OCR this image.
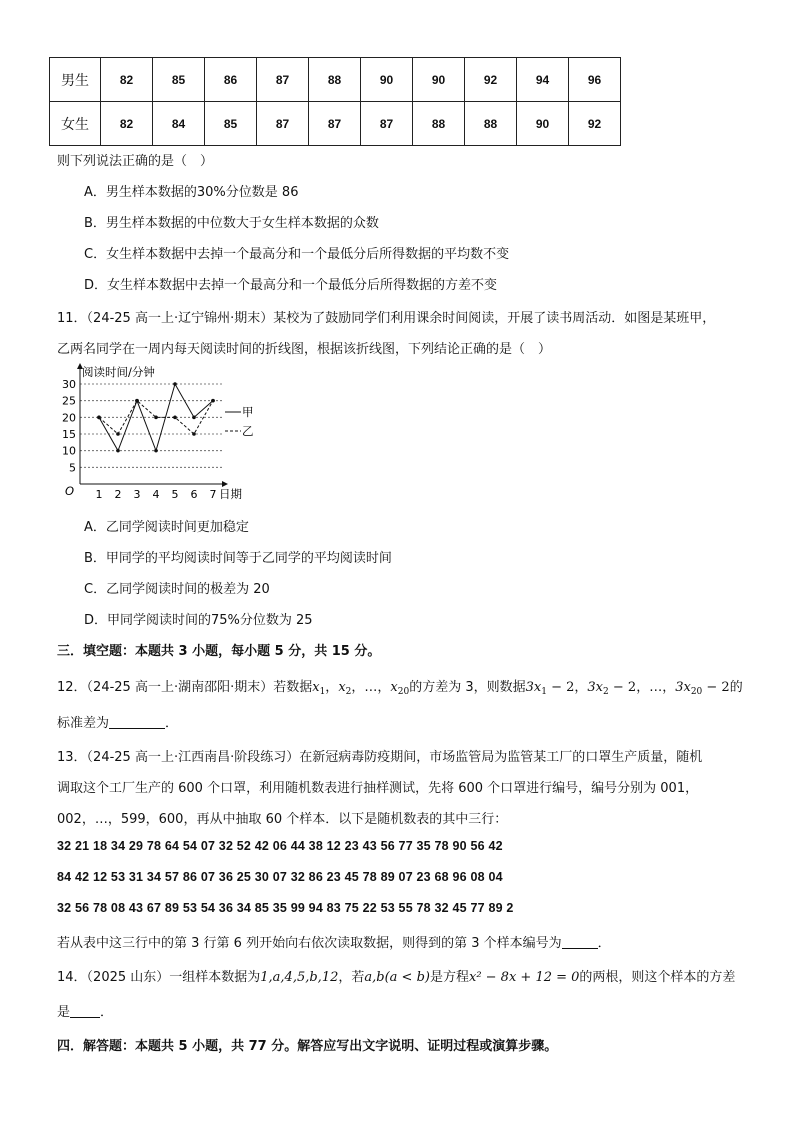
男生	82	85	86	87	88	90	90	92	94	96
女生	82	84	85	87	87	87	88	88	90	92
则下列说法正确的是（　）
A．男生样本数据的30%分位数是 86
B．男生样本数据的中位数大于女生样本数据的众数
C．女生样本数据中去掉一个最高分和一个最低分后所得数据的平均数不变
D．女生样本数据中去掉一个最高分和一个最低分后所得数据的方差不变
11．（24-25 高一上·辽宁锦州·期末）某校为了鼓励同学们利用课余时间阅读，开展了读书周活动．如图是某班甲，
乙两名同学在一周内每天阅读时间的折线图，根据该折线图，下列结论正确的是（　）
阅读时间/分钟
日期
O
5
10
15
20
25
30
1 2 3 4 5 6 7
甲
乙
A．乙同学阅读时间更加稳定
B．甲同学的平均阅读时间等于乙同学的平均阅读时间
C．乙同学阅读时间的极差为 20
D．甲同学阅读时间的75%分位数为 25
三．填空题：本题共 3 小题，每小题 5 分，共 15 分。
12．（24-25 高一上·湖南邵阳·期末）若数据$x_1$，$x_2$，…，$x_{20}$的方差为 3，则数据$3x_1 - 2$，$3x_2 - 2$，…，$3x_{20} - 2$的
标准差为	．
13．（24-25 高一上·江西南昌·阶段练习）在新冠病毒防疫期间，市场监管局为监管某工厂的口罩生产质量，随机
调取这个工厂生产的 600 个口罩，利用随机数表进行抽样测试，先将 600 个口罩进行编号，编号分别为 001，
002，…，599，600，再从中抽取 60 个样本．以下是随机数表的其中三行：
32 21 18 34 29 78 64 54 07 32 52 42 06 44 38 12 23 43 56 77 35 78 90 56 42
84 42 12 53 31 34 57 86 07 36 25 30 07 32 86 23 45 78 89 07 23 68 96 08 04
32 56 78 08 43 67 89 53 54 36 34 85 35 99 94 83 75 22 53 55 78 32 45 77 89 2
若从表中这三行中的第 3 行第 6 列开始向右依次读取数据，则得到的第 3 个样本编号为	．
14．（2025 山东）一组样本数据为1,a,4,5,b,12，若a,b(a < b)是方程x² − 8x + 12 = 0的两根，则这个样本的方差
是 ．
四．解答题：本题共 5 小题，共 77 分。解答应写出文字说明、证明过程或演算步骤。
